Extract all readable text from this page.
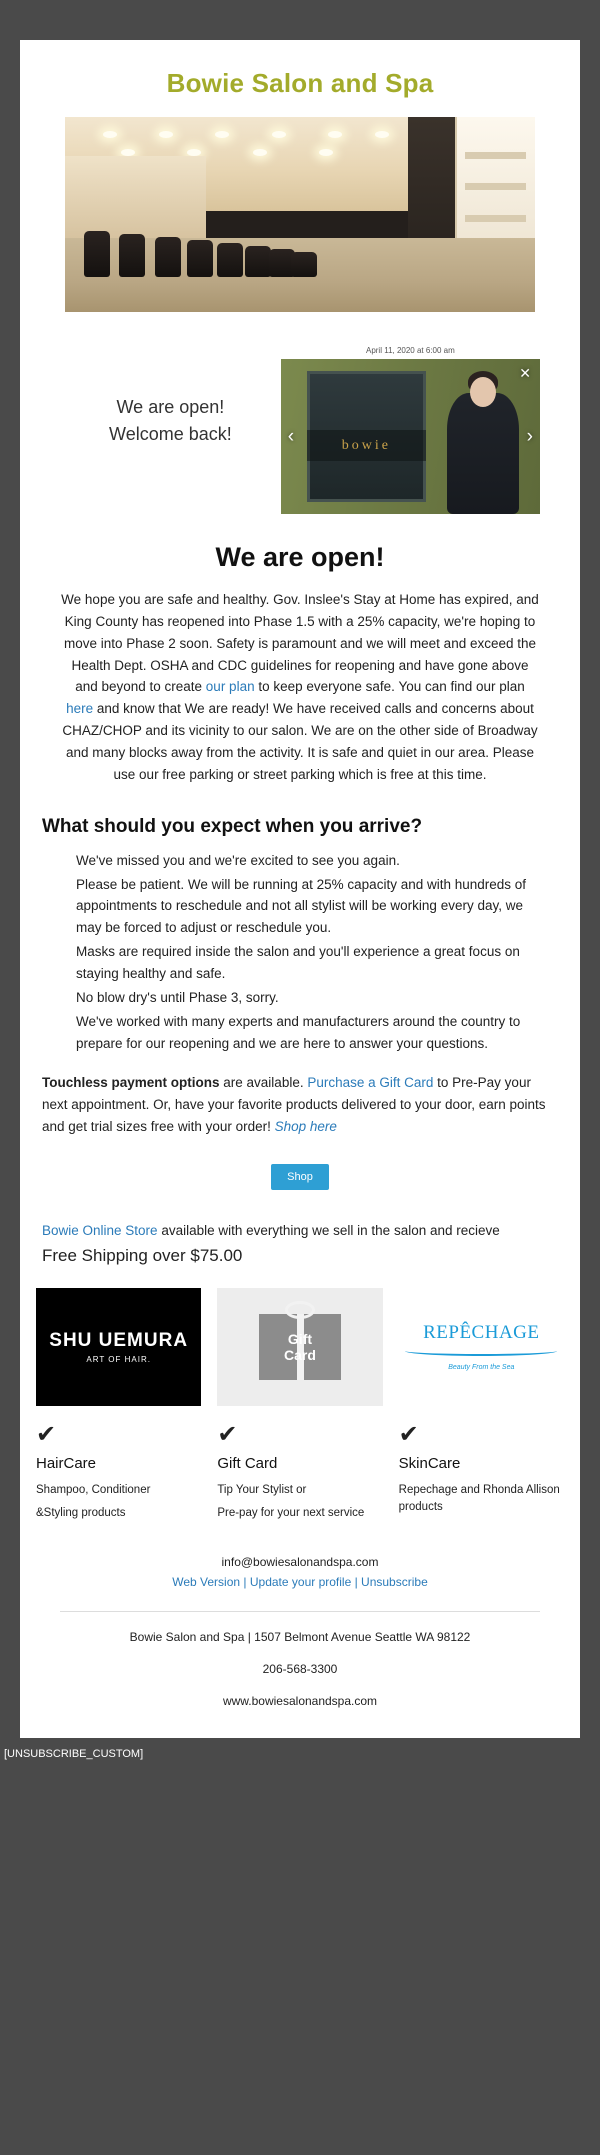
Bowie Salon and Spa
We are open!
Welcome back!
April 11, 2020 at 6:00 am
bowie
‹	›
✕
We are open!
We hope you are safe and healthy. Gov. Inslee's Stay at Home has expired, and King County has reopened into Phase 1.5 with a 25% capacity, we're hoping to move into Phase 2 soon. Safety is paramount and we will meet and exceed the Health Dept. OSHA and CDC guidelines for reopening and have gone above and beyond to create our plan to keep everyone safe. You can find our plan here and know that We are ready! We have received calls and concerns about CHAZ/CHOP and its vicinity to our salon. We are on the other side of Broadway and many blocks away from the activity. It is safe and quiet in our area. Please use our free parking or street parking which is free at this time.
What should you expect when you arrive?

We've missed you and we're excited to see you again.

Please be patient. We will be running at 25% capacity and with hundreds of appointments to reschedule and not all stylist will be working every day, we may be forced to adjust or reschedule you.

Masks are required inside the salon and you'll experience a great focus on staying healthy and safe.

No blow dry's until Phase 3, sorry.

We've worked with many experts and manufacturers around the country to prepare for our reopening and we are here to answer your questions.

Touchless payment options are available. Purchase a Gift Card to Pre-Pay your next appointment. Or, have your favorite products delivered to your door, earn points and get trial sizes free with your order! Shop here
Shop
Bowie Online Store available with everything we sell in the salon and recieve
Free Shipping over $75.00
SHU UEMURA
ART OF HAIR.
✔
HairCare

Shampoo, Conditioner

&Styling products

Gift
Card
✔
Gift Card

Tip Your Stylist or

Pre-pay for your next service

REPÊCHAGE
Beauty From the Sea
✔
SkinCare

Repechage and Rhonda Allison products

info@bowiesalonandspa.com
Web Version | Update your profile | Unsubscribe
Bowie Salon and Spa | 1507 Belmont Avenue Seattle WA 98122
206-568-3300
www.bowiesalonandspa.com
[UNSUBSCRIBE_CUSTOM]
